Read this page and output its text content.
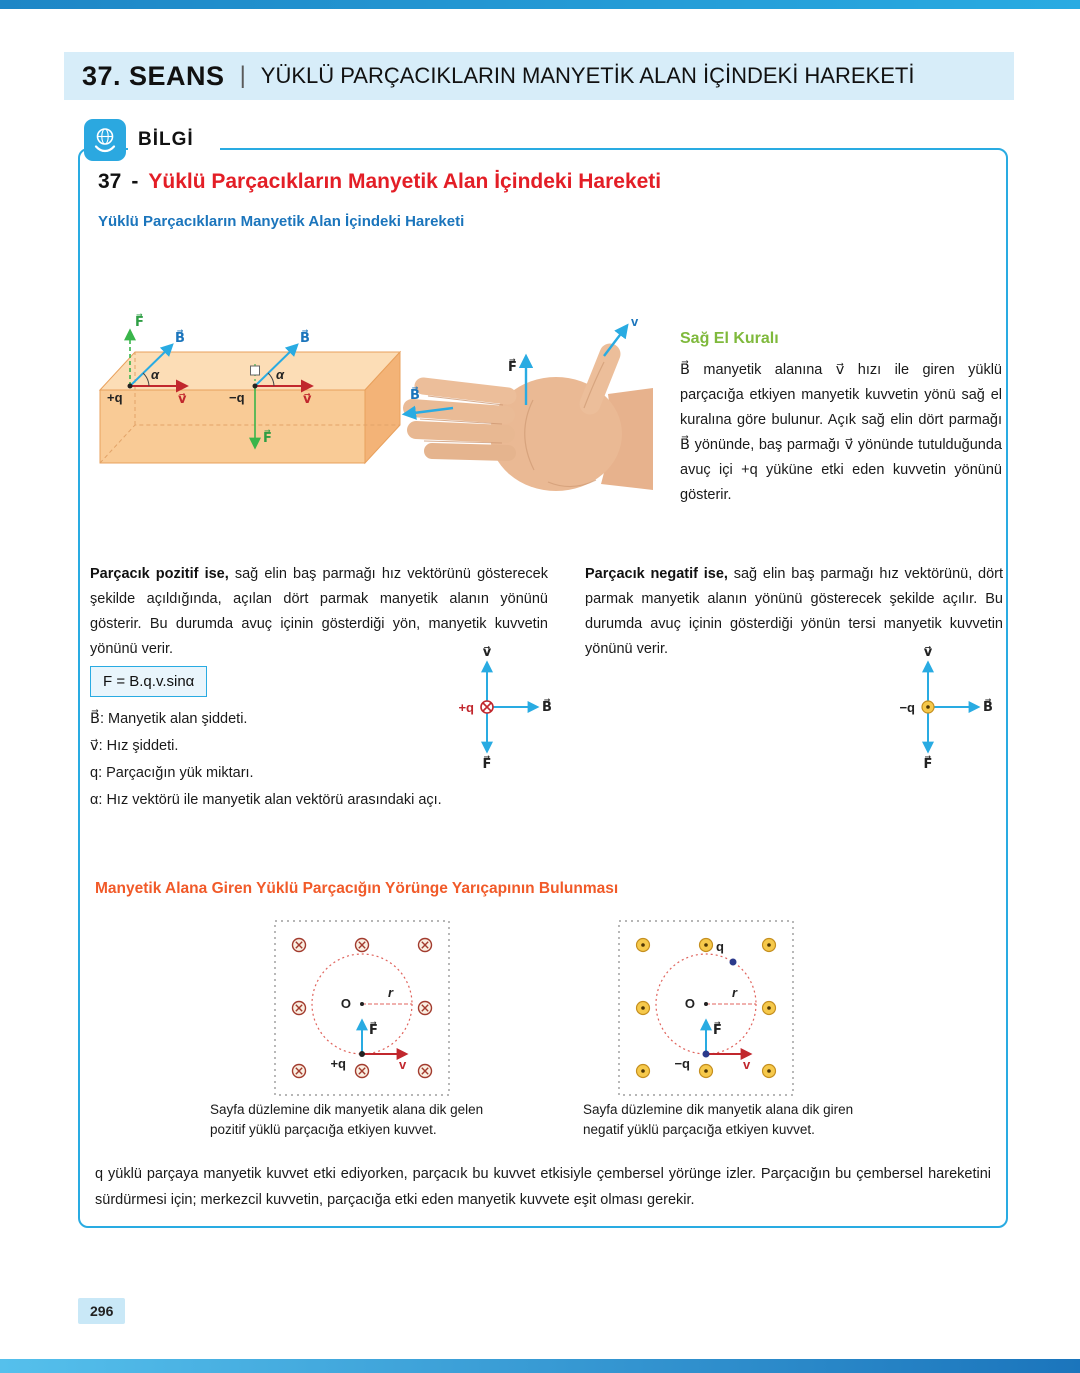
37. SEANS | YÜKLÜ PARÇACIKLARIN MANYETİK ALAN İÇİNDEKİ HAREKETİ
BİLGİ
37 - Yüklü Parçacıkların Manyetik Alan İçindeki Hareketi
Yüklü Parçacıkların Manyetik Alan İçindeki Hareketi
v⃗
B⃗
F⃗
α
+q	v⃗
B⃗
F⃗
α
−q	B⃗
F⃗
v
Sağ El Kuralı
B⃗ manyetik alanına v⃗ hızı ile giren yüklü parçacığa etkiyen manyetik kuvvetin yönü sağ el kuralına göre bulunur. Açık sağ elin dört parmağı B⃗ yönünde, baş parmağı v⃗ yönünde tutulduğunda avuç içi +q yüküne etki eden kuvvetin yönünü gösterir.

Parçacık pozitif ise, sağ elin baş parmağı hız vektörünü gösterecek şekilde açıldığında, açılan dört parmak manyetik alanın yönünü gösterir. Bu durumda avuç içinin gösterdiği yön, manyetik kuvvetin yönünü verir.

Parçacık negatif ise, sağ elin baş parmağı hız vektörünü, dört parmak manyetik alanın yönünü gösterecek şekilde açılır. Bu durumda avuç içinin gösterdiği yönün tersi manyetik kuvvetin yönünü verir.

F = B.q.v.sinα
B⃗: Manyetik alan şiddeti.
v⃗: Hız şiddeti.
q: Parçacığın yük miktarı.
α: Hız vektörü ile manyetik alan vektörü arasındaki açı.
v⃗
B⃗
F⃗
+q
v⃗
B⃗
F⃗
−q
Manyetik Alana Giren Yüklü Parçacığın Yörünge Yarıçapının Bulunması
O
r
v
F⃗
+q
O
r
q
v
F⃗
−q
Sayfa düzlemine dik manyetik alana dik gelen pozitif yüklü parçacığa etkiyen kuvvet.
Sayfa düzlemine dik manyetik alana dik giren negatif yüklü parçacığa etkiyen kuvvet.
q yüklü parçaya manyetik kuvvet etki ediyorken, parçacık bu kuvvet etkisiyle çembersel yörünge izler. Parçacığın bu çembersel hareketini sürdürmesi için; merkezcil kuvvetin, parçacığa etki eden manyetik kuvvete eşit olması gerekir.
296
